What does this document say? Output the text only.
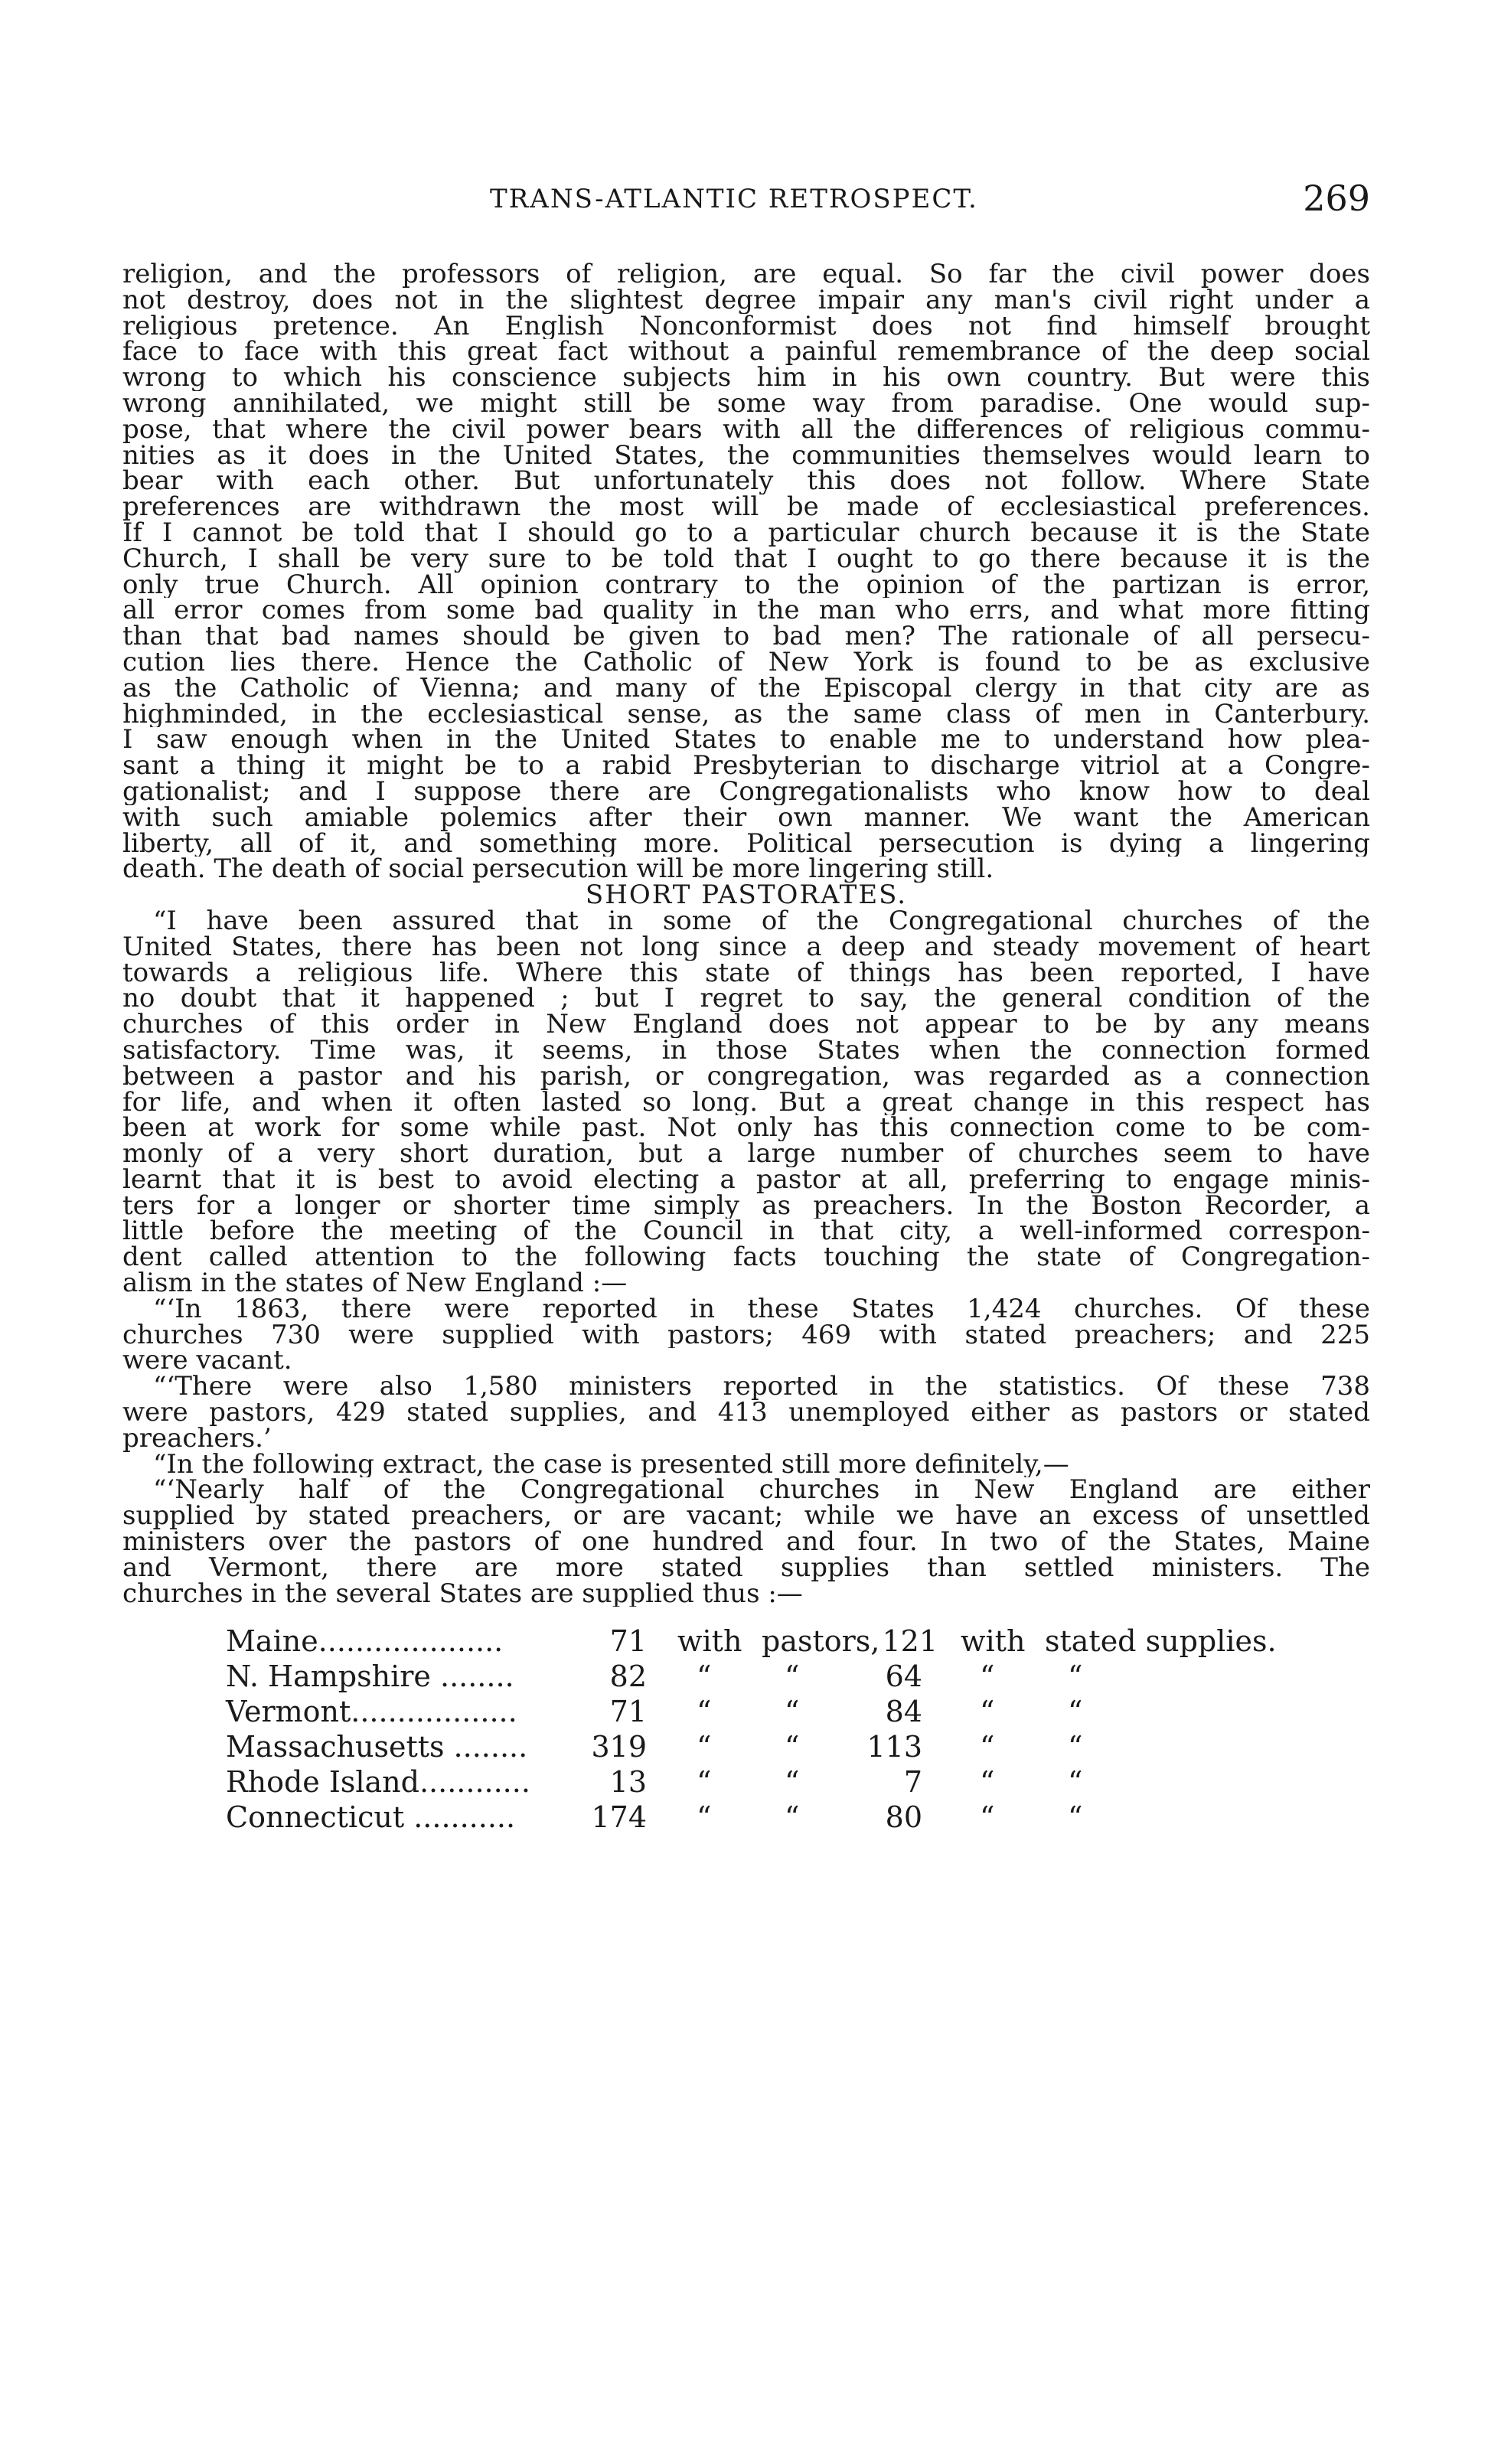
TRANS-ATLANTIC RETROSPECT.	269
religion, and the professors of religion, are equal. So far the civil power does
not destroy, does not in the slightest degree impair any man's civil right under a
religious pretence. An English Nonconformist does not find himself brought
face to face with this great fact without a painful remembrance of the deep social
wrong to which his conscience subjects him in his own country. But were this
wrong annihilated, we might still be some way from paradise. One would sup-
pose, that where the civil power bears with all the differences of religious commu-
nities as it does in the United States, the communities themselves would learn to
bear with each other. But unfortunately this does not follow. Where State
preferences are withdrawn the most will be made of ecclesiastical preferences.
If I cannot be told that I should go to a particular church because it is the State
Church, I shall be very sure to be told that I ought to go there because it is the
only true Church. All opinion contrary to the opinion of the partizan is error,
all error comes from some bad quality in the man who errs, and what more fitting
than that bad names should be given to bad men? The rationale of all persecu-
cution lies there. Hence the Catholic of New York is found to be as exclusive
as the Catholic of Vienna; and many of the Episcopal clergy in that city are as
highminded, in the ecclesiastical sense, as the same class of men in Canterbury.
I saw enough when in the United States to enable me to understand how plea-
sant a thing it might be to a rabid Presbyterian to discharge vitriol at a Congre-
gationalist; and I suppose there are Congregationalists who know how to deal
with such amiable polemics after their own manner. We want the American
liberty, all of it, and something more. Political persecution is dying a lingering
death. The death of social persecution will be more lingering still.
SHORT PASTORATES.
“I have been assured that in some of the Congregational churches of the
United States, there has been not long since a deep and steady movement of heart
towards a religious life. Where this state of things has been reported, I have
no doubt that it happened ; but I regret to say, the general condition of the
churches of this order in New England does not appear to be by any means
satisfactory. Time was, it seems, in those States when the connection formed
between a pastor and his parish, or congregation, was regarded as a connection
for life, and when it often lasted so long. But a great change in this respect has
been at work for some while past. Not only has this connection come to be com-
monly of a very short duration, but a large number of churches seem to have
learnt that it is best to avoid electing a pastor at all, preferring to engage minis-
ters for a longer or shorter time simply as preachers. In the Boston Recorder, a
little before the meeting of the Council in that city, a well-informed correspon-
dent called attention to the following facts touching the state of Congregation-
alism in the states of New England :—
“‘In 1863, there were reported in these States 1,424 churches. Of these
churches 730 were supplied with pastors; 469 with stated preachers; and 225
were vacant.
“‘There were also 1,580 ministers reported in the statistics. Of these 738
were pastors, 429 stated supplies, and 413 unemployed either as pastors or stated
preachers.’
“In the following extract, the case is presented still more definitely,—
“‘Nearly half of the Congregational churches in New England are either
supplied by stated preachers, or are vacant; while we have an excess of unsettled
ministers over the pastors of one hundred and four. In two of the States, Maine
and Vermont, there are more stated supplies than settled ministers. The
churches in the several States are supplied thus :—
Maine....................	71 with pastors, 121 with stated supplies.
N. Hampshire ........	82 “	“	64 “	“
Vermont..................	71 “	“	84 “	“
Massachusetts ........	319 “	“	113 “	“
Rhode Island............	13 “	“	7 “	“
Connecticut ...........	174 “	“	80 “	“
